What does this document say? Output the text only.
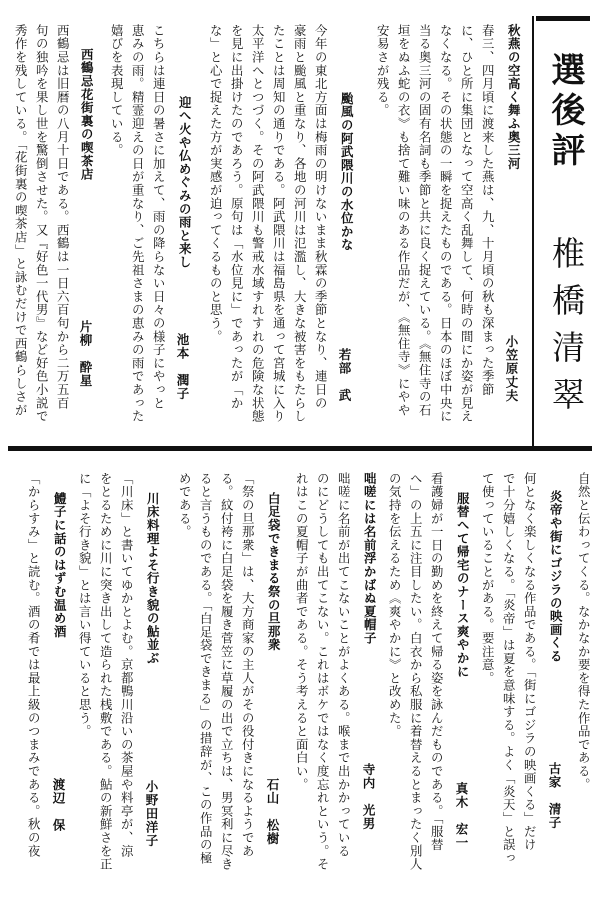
選後評
椎橋清翠
秋燕の空高く舞ふ奥三河
春三、四月頃に渡来した燕は、九、十月頃の秋も深まった季節
に、ひと所に集団となって空高く乱舞して、何時の間にか姿が見え
なくなる。その状態の一瞬を捉えたものである。日本のほぼ中央に
当る奥三河の固有名詞も季節と共に良く捉えている。《無住寺の石
垣をぬふ蛇の衣》も捨て難い味のある作品だが、《無住寺》にやや
安易さが残る。
颱風の阿武隈川の水位かな
今年の東北方面は梅雨の明けないまま秋霖の季節となり、連日の
豪雨と颱風と重なり、各地の河川は氾濫し、大きな被害をもたらし
たことは周知の通りである。阿武隈川は福島県を通って宮城に入り
太平洋へとつづく。その阿武隈川も警戒水域すれすれの危険な状態
を見に出掛けたのであろう。原句は「水位見に」であったが「か
な」と心で捉えた方が実感が迫ってくるものと思う。
迎へ火や仏めぐみの雨と来し
こちらは連日の暑さに加えて、雨の降らない日々の様子にやっと
恵みの雨。精霊迎えの日が重なり、ご先祖さまの恵みの雨であった
嬉びを表現している。
西鶴忌花街裏の喫茶店
西鶴忌は旧暦の八月十日である。西鶴は一日六百句から二万五百
句の独吟を果し世を驚倒させた。又『好色一代男』など好色小説で
秀作を残している。「花街裏の喫茶店」と詠むだけで西鶴らしさが	小笠原丈夫
若部　武
池本　潤子
片柳　酔星
自然と伝わってくる。なかなか要を得た作品である。
炎帝や街にゴジラの映画くる
何となく楽しくなる作品である。「街にゴジラの映画くる」だけ
で十分嬉しくなる。「炎帝」は夏を意味する。よく「炎天」と誤っ
て使っていることがある。要注意。
服替へて帰宅のナース爽やかに
看護婦が一日の勤めを終えて帰る姿を詠んだものである。「服替
へ」の上五に注目したい。白衣から私服に着替えるとまったく別人
の気持を伝えるため《爽やかに》と改めた。
咄嗟には名前浮かばぬ夏帽子
咄嗟に名前が出てこないことがよくある。喉まで出かかっている
のにどうしても出てこない。これはボケではなく度忘れという。そ
れはこの夏帽子が曲者である。そう考えると面白い。
白足袋できまる祭の旦那衆
「祭の旦那衆」は、大方商家の主人がその役付きになるようであ
る。紋付袴に白足袋を履き菅笠に草履の出で立ちは、男冥利に尽き
ると言うものである。「白足袋できまる」の措辞が、この作品の極
めである。
川床料理よそ行き貌の鮎並ぶ
「川床」と書いてゆかとよむ。京都鴨川沿いの茶屋や料亭が、涼
をとるために川に突き出して造られた桟敷である。鮎の新鮮さを正
に「よそ行き貌」とは言い得ていると思う。
鱧子に話のはずむ温め酒
「からすみ」と読む。酒の肴では最上級のつまみである。秋の夜	古家　清子
真木　宏一
寺内　光男
石山　松樹
小野田洋子
渡辺　保
